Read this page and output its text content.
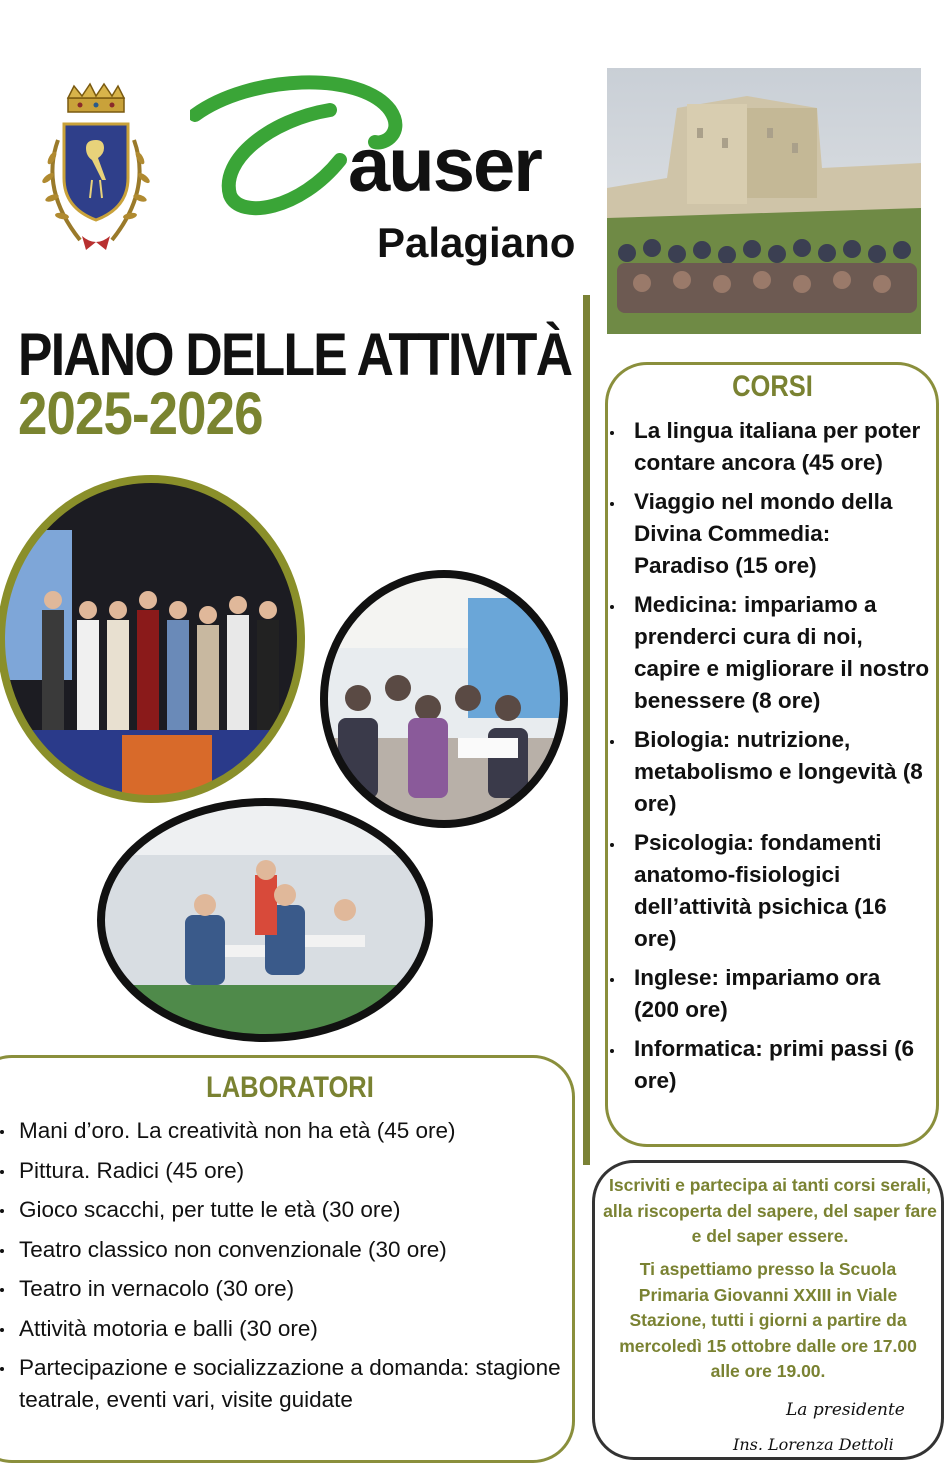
auser
Palagiano
PIANO DELLE ATTIVITÀ
2025-2026	CORSI
La lingua italiana per poter contare ancora (45 ore)
Viaggio nel mondo della Divina Commedia: Paradiso (15 ore)
Medicina: impariamo a prenderci cura di noi, capire e migliorare il nostro benessere (8 ore)
Biologia: nutrizione, metabolismo e longevità (8 ore)
Psicologia: fondamenti anatomo-fisiologici dell’attività psichica (16 ore)
Inglese: impariamo ora (200 ore)
Informatica: primi passi (6 ore)
LABORATORI
Mani d’oro. La creatività non ha età (45 ore)
Pittura. Radici (45 ore)
Gioco scacchi, per tutte le età (30 ore)
Teatro classico non convenzionale (30 ore)
Teatro in vernacolo (30 ore)
Attività motoria e balli (30 ore)
Partecipazione e socializzazione a domanda: stagione teatrale, eventi vari, visite guidate

Iscriviti e partecipa ai tanti corsi serali, alla riscoperta del sapere, del saper fare e del saper essere.

Ti aspettiamo presso la Scuola Primaria Giovanni XXIII in Viale Stazione, tutti i giorni a partire da mercoledì 15 ottobre dalle ore 17.00 alle ore 19.00.

La presidente
Ins. Lorenza Dettoli
